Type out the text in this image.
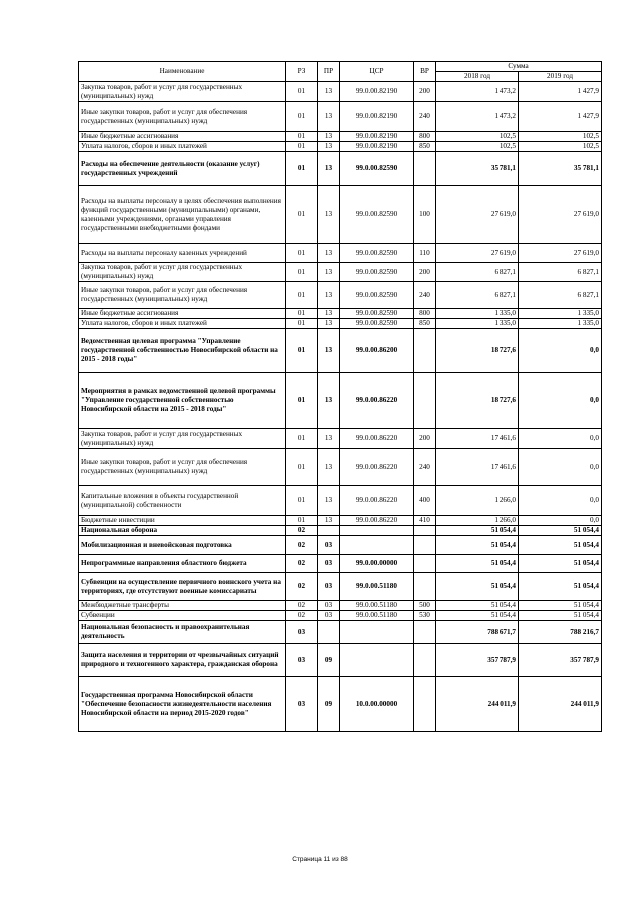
Наименование	РЗ	ПР	ЦСР	ВР	Сумма	
					2018 год	2019 год
Закупка товаров, работ и услуг для государственных (муниципальных) нужд	01	13	99.0.00.82190	200	1 473,2	1 427,9
Иные закупки товаров, работ и услуг для обеспечения государственных (муниципальных) нужд	01	13	99.0.00.82190	240	1 473,2	1 427,9
Иные бюджетные ассигнования	01	13	99.0.00.82190	800	102,5	102,5
Уплата налогов, сборов и иных платежей	01	13	99.0.00.82190	850	102,5	102,5
Расходы на обеспечение деятельности (оказание услуг) государственных учреждений	01	13	99.0.00.82590		35 781,1	35 781,1
Расходы на выплаты персоналу в целях обеспечения выполнения функций государственными (муниципальными) органами, казенными учреждениями, органами управления государственными внебюджетными фондами	01	13	99.0.00.82590	100	27 619,0	27 619,0
Расходы на выплаты персоналу казенных учреждений	01	13	99.0.00.82590	110	27 619,0	27 619,0
Закупка товаров, работ и услуг для государственных (муниципальных) нужд	01	13	99.0.00.82590	200	6 827,1	6 827,1
Иные закупки товаров, работ и услуг для обеспечения государственных (муниципальных) нужд	01	13	99.0.00.82590	240	6 827,1	6 827,1
Иные бюджетные ассигнования	01	13	99.0.00.82590	800	1 335,0	1 335,0
Уплата налогов, сборов и иных платежей	01	13	99.0.00.82590	850	1 335,0	1 335,0
Ведомственная целевая программа "Управление государственной собственностью Новосибирской области на 2015 - 2018 годы"	01	13	99.0.00.86200		18 727,6	0,0
Мероприятия в рамках ведомственной целевой программы "Управление государственной собственностью Новосибирской области на 2015 - 2018 годы"	01	13	99.0.00.86220		18 727,6	0,0
Закупка товаров, работ и услуг для государственных (муниципальных) нужд	01	13	99.0.00.86220	200	17 461,6	0,0
Иные закупки товаров, работ и услуг для обеспечения государственных (муниципальных) нужд	01	13	99.0.00.86220	240	17 461,6	0,0
Капитальные вложения в объекты государственной (муниципальной) собственности	01	13	99.0.00.86220	400	1 266,0	0,0
Бюджетные инвестиции	01	13	99.0.00.86220	410	1 266,0	0,0
Национальная оборона	02				51 054,4	51 054,4
Мобилизационная и вневойсковая подготовка	02	03			51 054,4	51 054,4
Непрограммные направления областного бюджета	02	03	99.0.00.00000		51 054,4	51 054,4
Субвенции на осуществление первичного воинского учета на территориях, где отсутствуют военные комиссариаты	02	03	99.0.00.51180		51 054,4	51 054,4
Межбюджетные трансферты	02	03	99.0.00.51180	500	51 054,4	51 054,4
Субвенции	02	03	99.0.00.51180	530	51 054,4	51 054,4
Национальная безопасность и правоохранительная деятельность	03				788 671,7	788 216,7
Защита населения и территории от чрезвычайных ситуаций природного и техногенного характера, гражданская оборона	03	09			357 787,9	357 787,9
Государственная программа Новосибирской области "Обеспечение безопасности жизнедеятельности населения Новосибирской области на период 2015-2020 годов"	03	09	10.0.00.00000		244 011,9	244 011,9
Страница 11 из 88
